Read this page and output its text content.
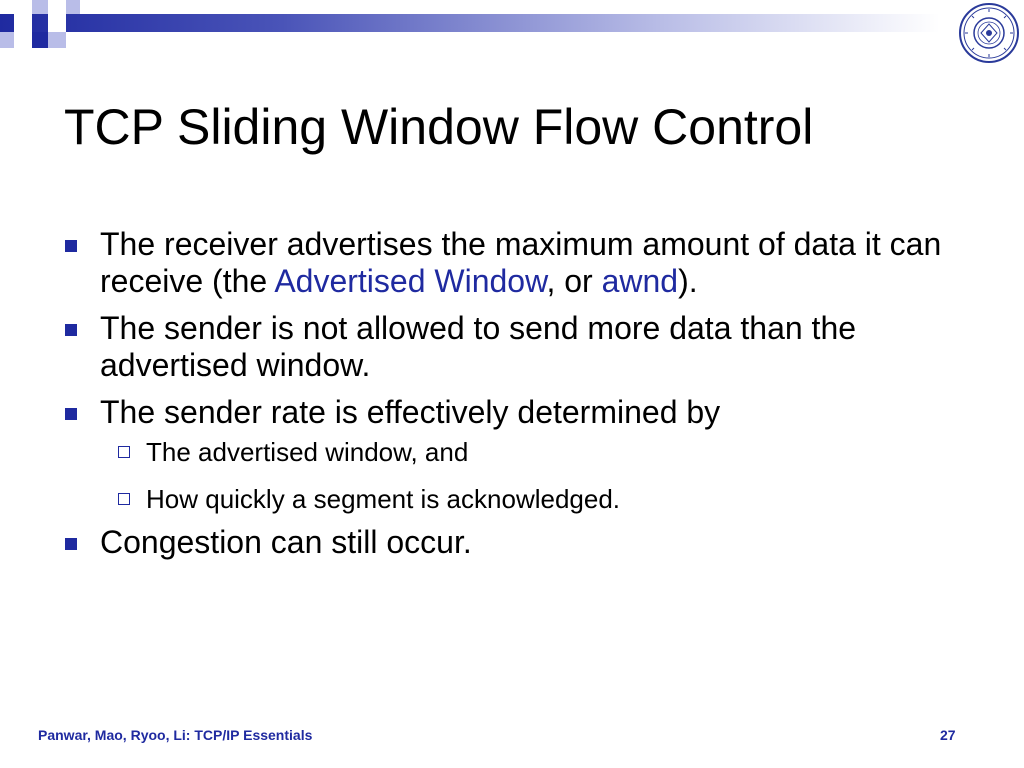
TCP Sliding Window Flow Control
The receiver advertises the maximum amount of data it can receive (the Advertised Window, or awnd).
The sender is not allowed to send more data than the advertised window.
The sender rate is effectively determined by
The advertised window, and
How quickly a segment is acknowledged.
Congestion can still occur.
Panwar, Mao, Ryoo, Li: TCP/IP Essentials	27
